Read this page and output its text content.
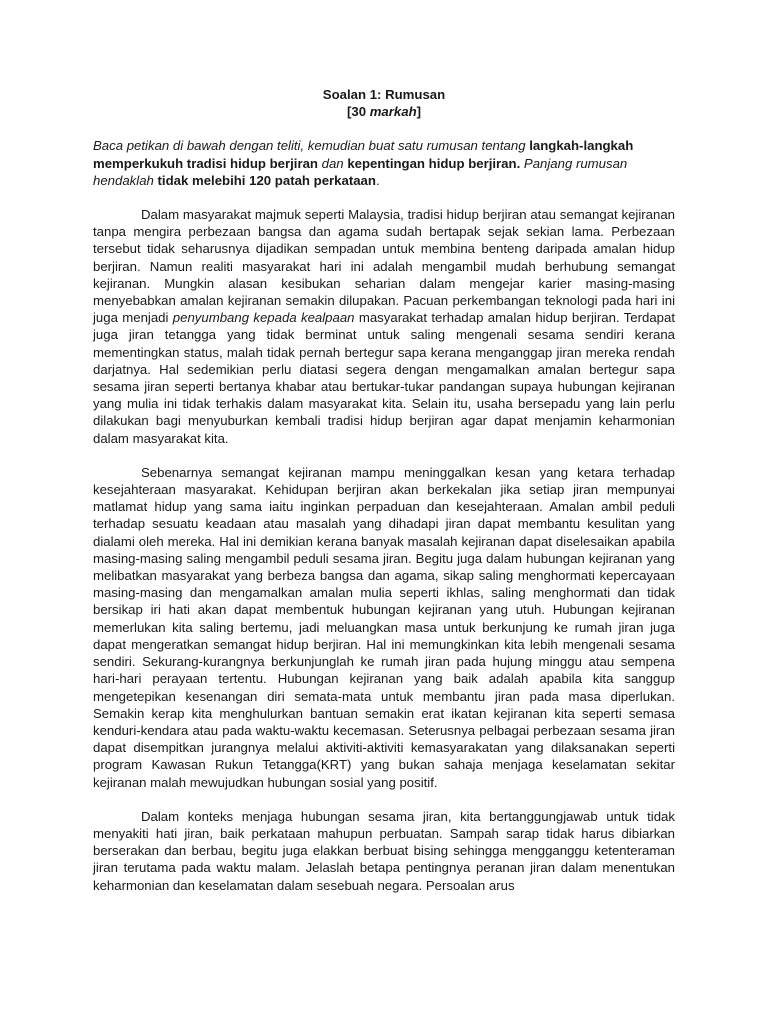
Soalan 1: Rumusan

[30 markah]

Baca petikan di bawah dengan teliti, kemudian buat satu rumusan tentang langkah-langkah memperkukuh tradisi hidup berjiran dan kepentingan hidup berjiran. Panjang rumusan hendaklah tidak melebihi 120 patah perkataan.

Dalam masyarakat majmuk seperti Malaysia, tradisi hidup berjiran atau semangat kejiranan tanpa mengira perbezaan bangsa dan agama sudah bertapak sejak sekian lama. Perbezaan tersebut tidak seharusnya dijadikan sempadan untuk membina benteng daripada amalan hidup berjiran. Namun realiti masyarakat hari ini adalah mengambil mudah berhubung semangat kejiranan. Mungkin alasan kesibukan seharian dalam mengejar karier masing-masing menyebabkan amalan kejiranan semakin dilupakan. Pacuan perkembangan teknologi pada hari ini juga menjadi penyumbang kepada kealpaan masyarakat terhadap amalan hidup berjiran. Terdapat juga jiran tetangga yang tidak berminat untuk saling mengenali sesama sendiri kerana mementingkan status, malah tidak pernah bertegur sapa kerana menganggap jiran mereka rendah darjatnya. Hal sedemikian perlu diatasi segera dengan mengamalkan amalan bertegur sapa sesama jiran seperti bertanya khabar atau bertukar-tukar pandangan supaya hubungan kejiranan yang mulia ini tidak terhakis dalam masyarakat kita. Selain itu, usaha bersepadu yang lain perlu dilakukan bagi menyuburkan kembali tradisi hidup berjiran agar dapat menjamin keharmonian dalam masyarakat kita.

Sebenarnya semangat kejiranan mampu meninggalkan kesan yang ketara terhadap kesejahteraan masyarakat. Kehidupan berjiran akan berkekalan jika setiap jiran mempunyai matlamat hidup yang sama iaitu inginkan perpaduan dan kesejahteraan. Amalan ambil peduli terhadap sesuatu keadaan atau masalah yang dihadapi jiran dapat membantu kesulitan yang dialami oleh mereka. Hal ini demikian kerana banyak masalah kejiranan dapat diselesaikan apabila masing-masing saling mengambil peduli sesama jiran. Begitu juga dalam hubungan kejiranan yang melibatkan masyarakat yang berbeza bangsa dan agama, sikap saling menghormati kepercayaan masing-masing dan mengamalkan amalan mulia seperti ikhlas, saling menghormati dan tidak bersikap iri hati akan dapat membentuk hubungan kejiranan yang utuh. Hubungan kejiranan memerlukan kita saling bertemu, jadi meluangkan masa untuk berkunjung ke rumah jiran juga dapat mengeratkan semangat hidup berjiran. Hal ini memungkinkan kita lebih mengenali sesama sendiri. Sekurang-kurangnya berkunjunglah ke rumah jiran pada hujung minggu atau sempena hari-hari perayaan tertentu. Hubungan kejiranan yang baik adalah apabila kita sanggup mengetepikan kesenangan diri semata-mata untuk membantu jiran pada masa diperlukan. Semakin kerap kita menghulurkan bantuan semakin erat ikatan kejiranan kita seperti semasa kenduri-kendara atau pada waktu-waktu kecemasan. Seterusnya pelbagai perbezaan sesama jiran dapat disempitkan jurangnya melalui aktiviti-aktiviti kemasyarakatan yang dilaksanakan seperti program Kawasan Rukun Tetangga(KRT) yang bukan sahaja menjaga keselamatan sekitar kejiranan malah mewujudkan hubungan sosial yang positif.

Dalam konteks menjaga hubungan sesama jiran, kita bertanggungjawab untuk tidak menyakiti hati jiran, baik perkataan mahupun perbuatan. Sampah sarap tidak harus dibiarkan berserakan dan berbau, begitu juga elakkan berbuat bising sehingga mengganggu ketenteraman jiran terutama pada waktu malam. Jelaslah betapa pentingnya peranan jiran dalam menentukan keharmonian dan keselamatan dalam sesebuah negara. Persoalan arus
